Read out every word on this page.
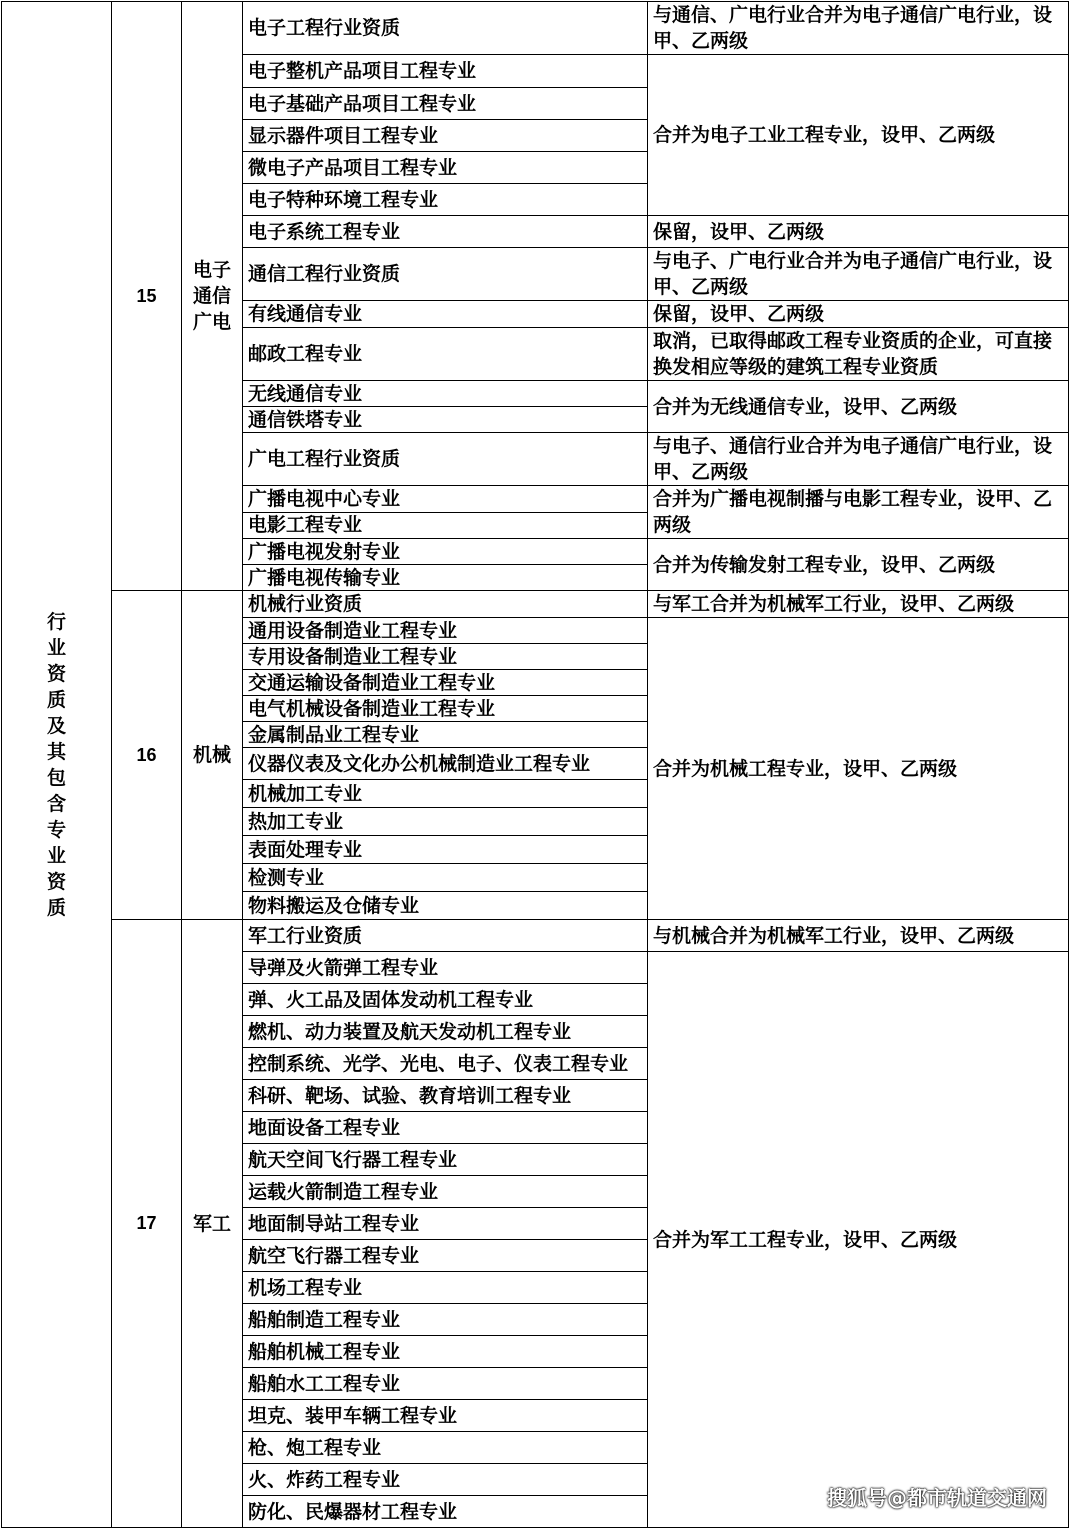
行业资质及其包含专业资质	15	电子通信广电	电子工程行业资质	与通信、广电行业合并为电子通信广电行业，设甲、乙两级
			电子整机产品项目工程专业	合并为电子工业工程专业，设甲、乙两级
			电子基础产品项目工程专业	
			显示器件项目工程专业	
			微电子产品项目工程专业	
			电子特种环境工程专业	
			电子系统工程专业	保留，设甲、乙两级
			通信工程行业资质	与电子、广电行业合并为电子通信广电行业，设甲、乙两级
			有线通信专业	保留，设甲、乙两级
			邮政工程专业	取消，已取得邮政工程专业资质的企业，可直接换发相应等级的建筑工程专业资质
			无线通信专业	合并为无线通信专业，设甲、乙两级
			通信铁塔专业	
			广电工程行业资质	与电子、通信行业合并为电子通信广电行业，设甲、乙两级
			广播电视中心专业	合并为广播电视制播与电影工程专业，设甲、乙两级
			电影工程专业	
			广播电视发射专业	合并为传输发射工程专业，设甲、乙两级
			广播电视传输专业	
	16	机械	机械行业资质	与军工合并为机械军工行业，设甲、乙两级
			通用设备制造业工程专业	合并为机械工程专业，设甲、乙两级
			专用设备制造业工程专业	
			交通运输设备制造业工程专业	
			电气机械设备制造业工程专业	
			金属制品业工程专业	
			仪器仪表及文化办公机械制造业工程专业	
			机械加工专业	
			热加工专业	
			表面处理专业	
			检测专业	
			物料搬运及仓储专业	
	17	军工	军工行业资质	与机械合并为机械军工行业，设甲、乙两级
			导弹及火箭弹工程专业	合并为军工工程专业，设甲、乙两级
			弹、火工品及固体发动机工程专业	
			燃机、动力装置及航天发动机工程专业	
			控制系统、光学、光电、电子、仪表工程专业	
			科研、靶场、试验、教育培训工程专业	
			地面设备工程专业	
			航天空间飞行器工程专业	
			运载火箭制造工程专业	
			地面制导站工程专业	
			航空飞行器工程专业	
			机场工程专业	
			船舶制造工程专业	
			船舶机械工程专业	
			船舶水工工程专业	
			坦克、装甲车辆工程专业	
			枪、炮工程专业	
			火、炸药工程专业	
			防化、民爆器材工程专业	
搜狐号@都市轨道交通网
